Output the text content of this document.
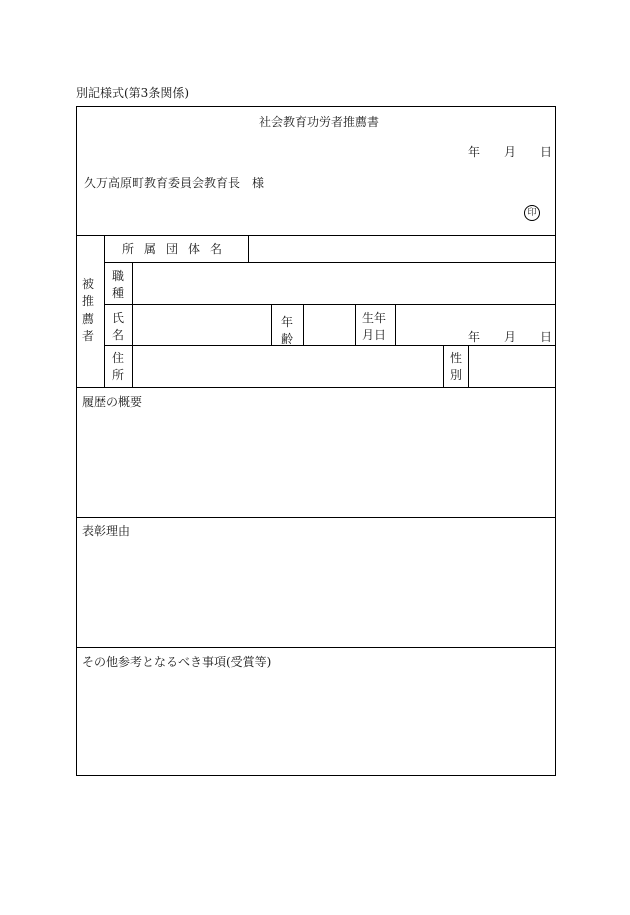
別記様式(第3条関係)
社会教育功労者推薦書
年 月 日
久万高原町教育委員会教育長　様
印
被
推
薦
者
所属団体名
職
種
氏
名
年
齢
生年
月日	年 月 日
住
所
性
別
履歴の概要
表彰理由
その他参考となるべき事項(受賞等)
